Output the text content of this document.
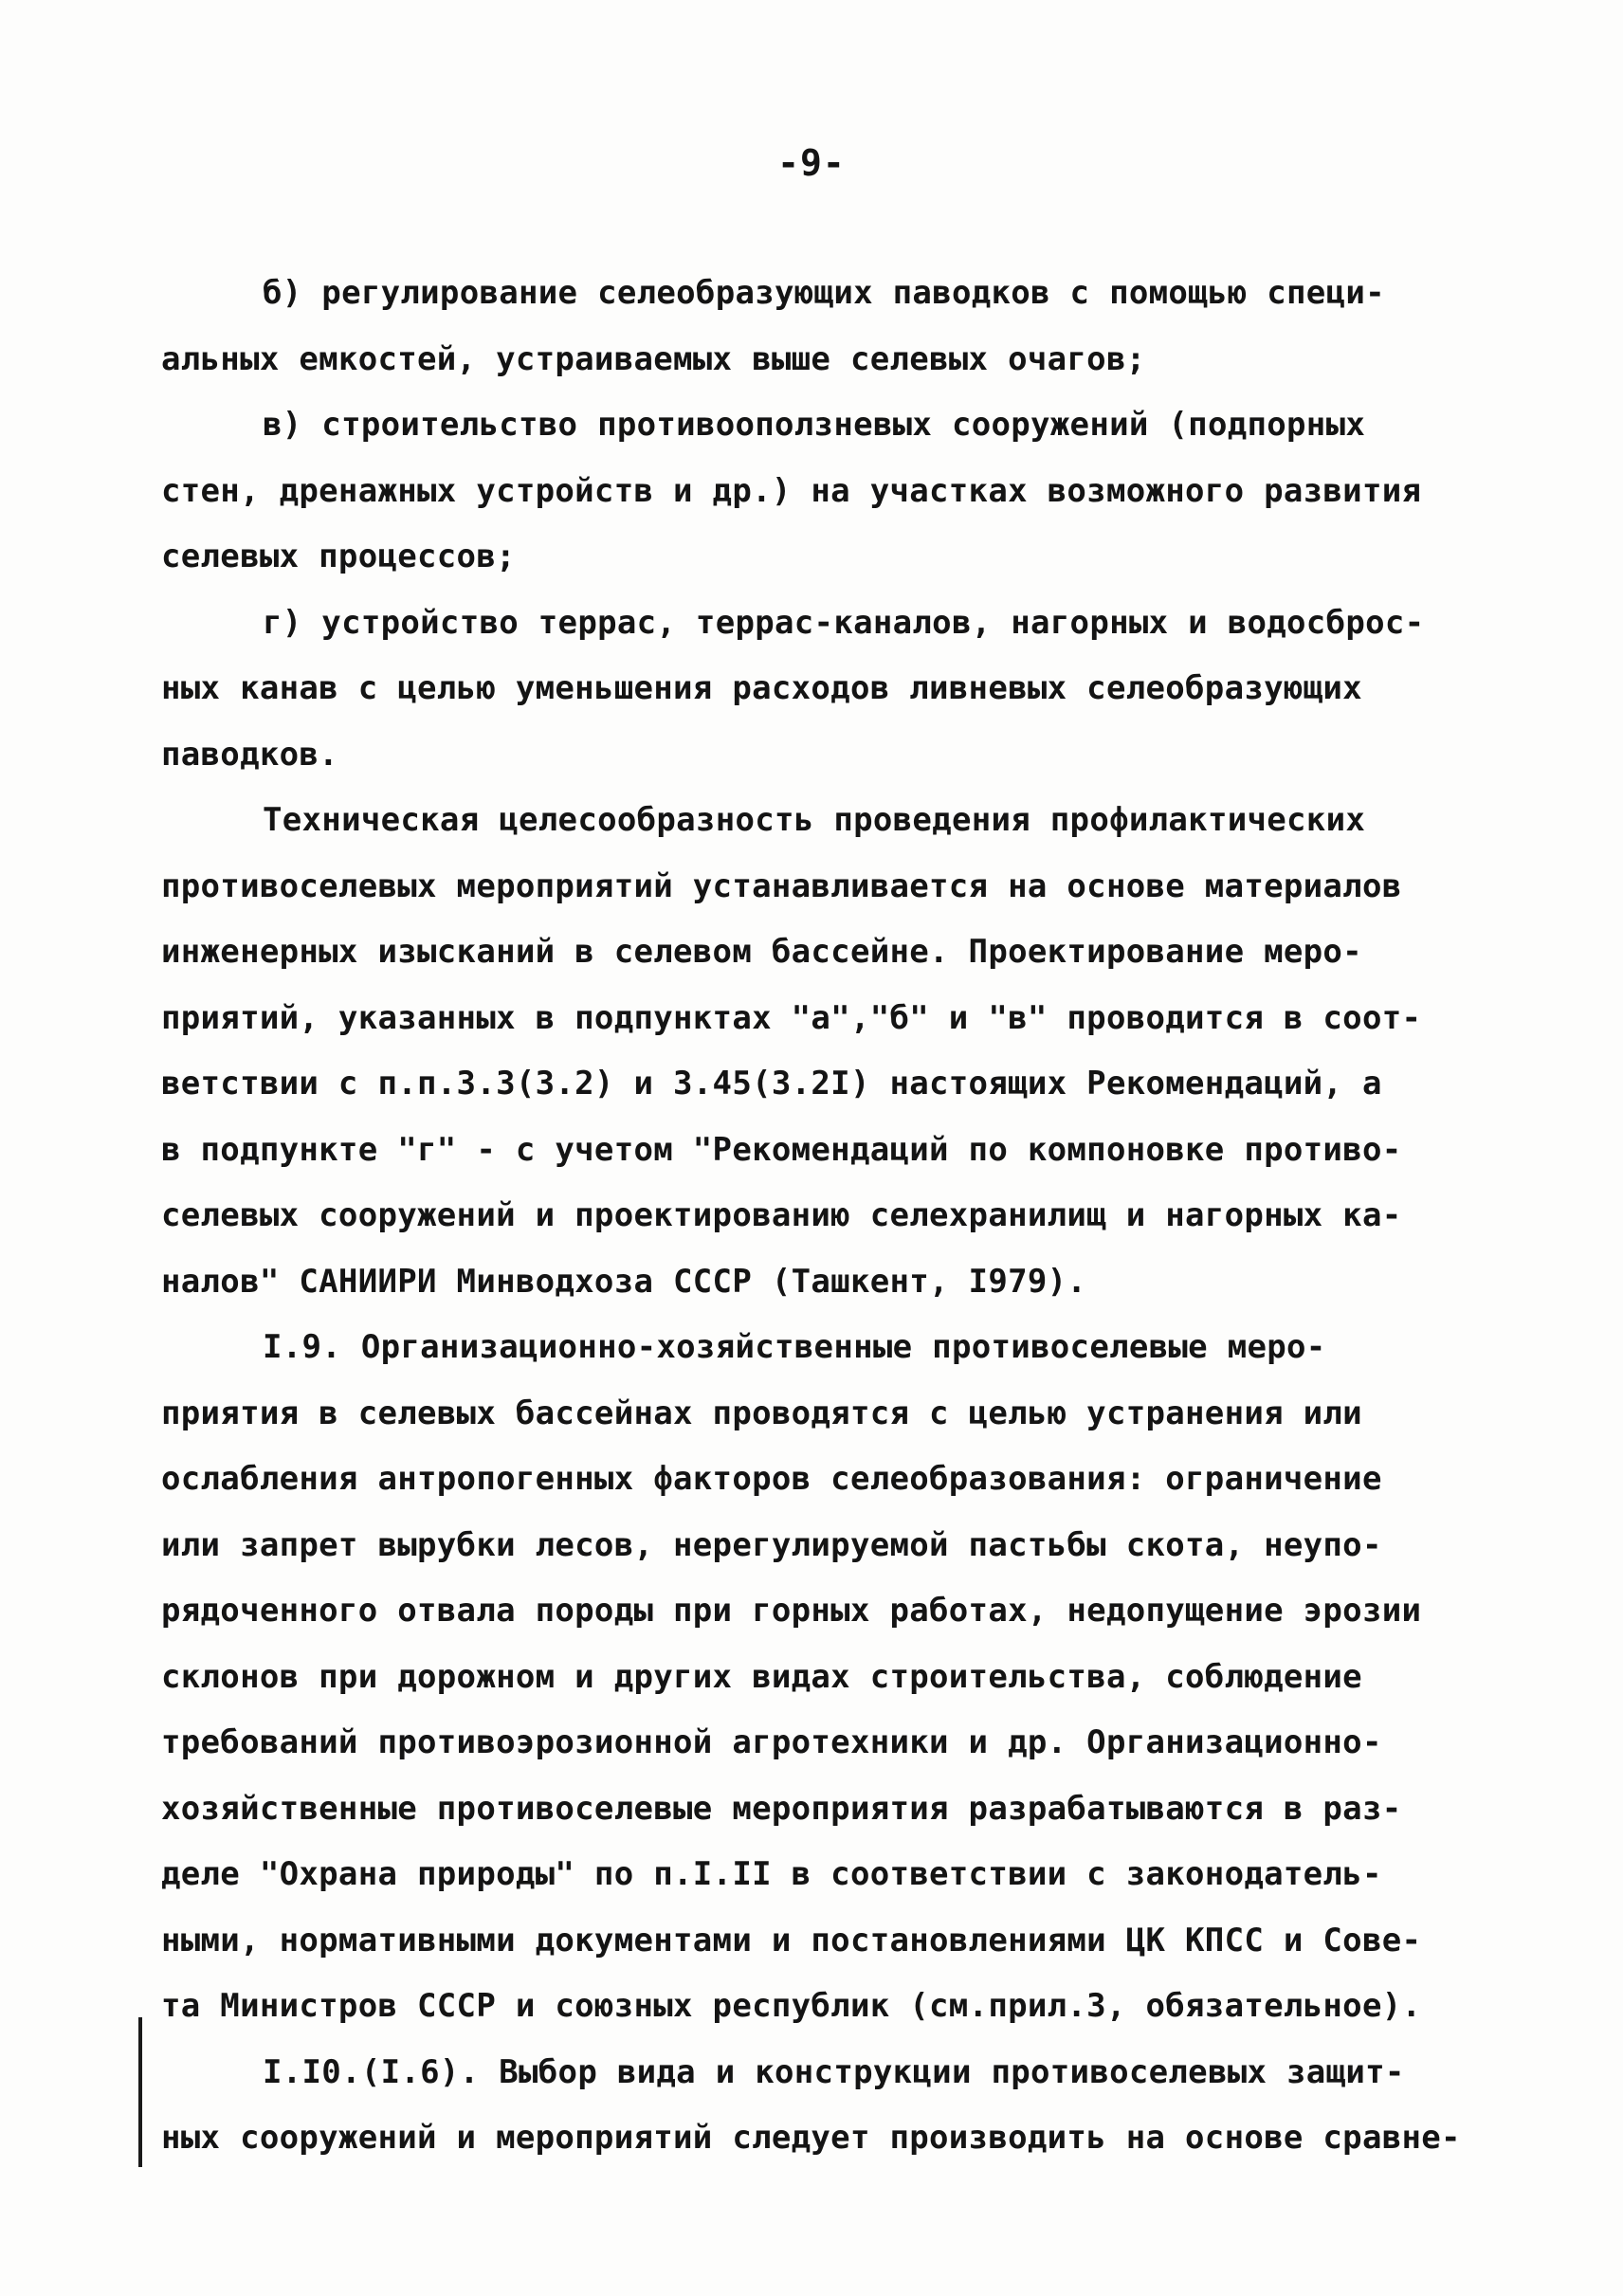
-9-
б) регулирование селеобразующих паводков с помощью специ-
альных емкостей, устраиваемых выше селевых очагов;
в) строительство противооползневых сооружений (подпорных
стен, дренажных устройств и др.) на участках возможного развития
селевых процессов;
г) устройство террас, террас-каналов, нагорных и водосброс-
ных канав с целью уменьшения расходов ливневых селеобразующих
паводков.
Техническая целесообразность проведения профилактических
противоселевых мероприятий устанавливается на основе материалов
инженерных изысканий в селевом бассейне. Проектирование меро-
приятий, указанных в подпунктах "а","б" и "в" проводится в соот-
ветствии с п.п.3.3(3.2) и 3.45(3.2I) настоящих Рекомендаций, а
в подпункте "г" - с учетом "Рекомендаций по компоновке противо-
селевых сооружений и проектированию селехранилищ и нагорных ка-
налов" САНИИРИ Минводхоза СССР (Ташкент, I979).
I.9. Организационно-хозяйственные противоселевые меро-
приятия в селевых бассейнах проводятся с целью устранения или
ослабления антропогенных факторов селеобразования: ограничение
или запрет вырубки лесов, нерегулируемой пастьбы скота, неупо-
рядоченного отвала породы при горных работах, недопущение эрозии
склонов при дорожном и других видах строительства, соблюдение
требований противоэрозионной агротехники и др. Организационно-
хозяйственные противоселевые мероприятия разрабатываются в раз-
деле "Охрана природы" по п.I.II в соответствии с законодатель-
ными, нормативными документами и постановлениями ЦК КПСС и Сове-
та Министров СССР и союзных республик (см.прил.3, обязательное).
I.I0.(I.6). Выбор вида и конструкции противоселевых защит-
ных сооружений и мероприятий следует производить на основе сравне-
